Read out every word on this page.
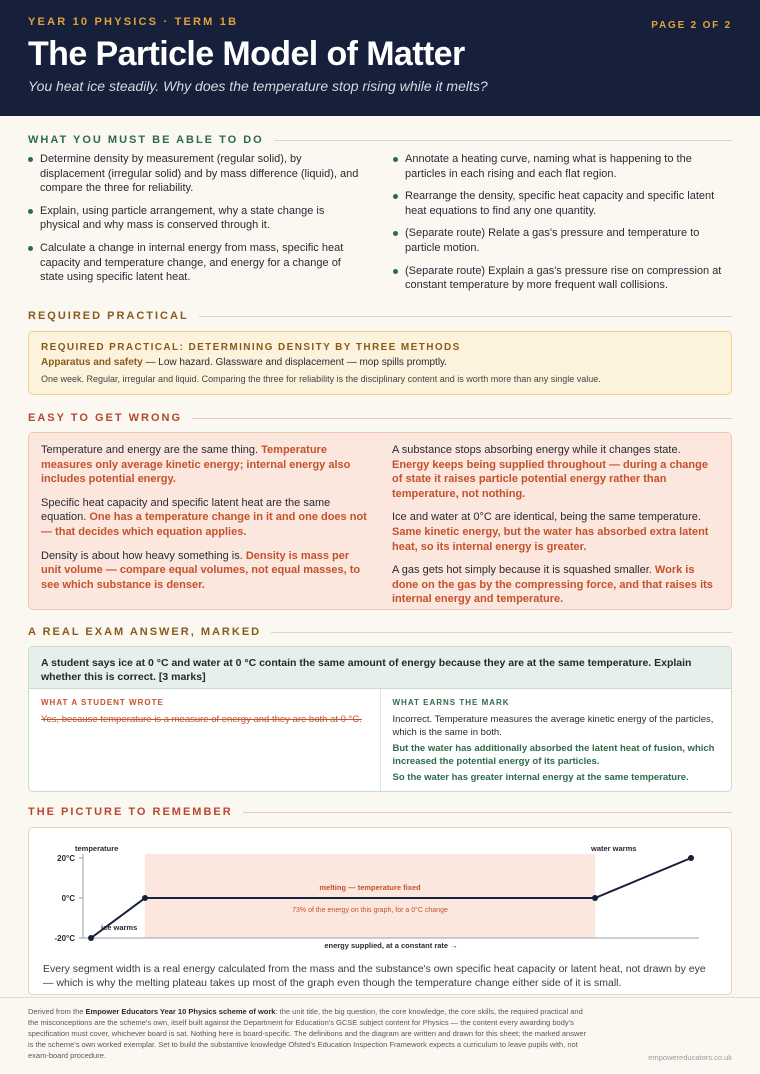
YEAR 10 PHYSICS · TERM 1B	PAGE 2 OF 2
The Particle Model of Matter
You heat ice steadily. Why does the temperature stop rising while it melts?
WHAT YOU MUST BE ABLE TO DO
Determine density by measurement (regular solid), by displacement (irregular solid) and by mass difference (liquid), and compare the three for reliability.
Explain, using particle arrangement, why a state change is physical and why mass is conserved through it.
Calculate a change in internal energy from mass, specific heat capacity and temperature change, and energy for a change of state using specific latent heat.
Annotate a heating curve, naming what is happening to the particles in each rising and each flat region.
Rearrange the density, specific heat capacity and specific latent heat equations to find any one quantity.
(Separate route) Relate a gas's pressure and temperature to particle motion.
(Separate route) Explain a gas's pressure rise on compression at constant temperature by more frequent wall collisions.
REQUIRED PRACTICAL
REQUIRED PRACTICAL: DETERMINING DENSITY BY THREE METHODS
Apparatus and safety — Low hazard. Glassware and displacement — mop spills promptly.
One week. Regular, irregular and liquid. Comparing the three for reliability is the disciplinary content and is worth more than any single value.
EASY TO GET WRONG
Temperature and energy are the same thing. Temperature measures only average kinetic energy; internal energy also includes potential energy.
Specific heat capacity and specific latent heat are the same equation. One has a temperature change in it and one does not — that decides which equation applies.
Density is about how heavy something is. Density is mass per unit volume — compare equal volumes, not equal masses, to see which substance is denser.
A substance stops absorbing energy while it changes state. Energy keeps being supplied throughout — during a change of state it raises particle potential energy rather than temperature, not nothing.
Ice and water at 0°C are identical, being the same temperature. Same kinetic energy, but the water has absorbed extra latent heat, so its internal energy is greater.
A gas gets hot simply because it is squashed smaller. Work is done on the gas by the compressing force, and that raises its internal energy and temperature.
A REAL EXAM ANSWER, MARKED
A student says ice at 0 °C and water at 0 °C contain the same amount of energy because they are at the same temperature. Explain whether this is correct. [3 marks]
WHAT A STUDENT WROTE
Yes, because temperature is a measure of energy and they are both at 0 °C.
WHAT EARNS THE MARK
Incorrect. Temperature measures the average kinetic energy of the particles, which is the same in both.
But the water has additionally absorbed the latent heat of fusion, which increased the potential energy of its particles.
So the water has greater internal energy at the same temperature.
THE PICTURE TO REMEMBER
20°C
0°C
-20°C
temperature
energy supplied, at a constant rate →
ice warms
water warms
melting — temperature fixed
73% of the energy on this graph, for a 0°C change
Every segment width is a real energy calculated from the mass and the substance's own specific heat capacity or latent heat, not drawn by eye — which is why the melting plateau takes up most of the graph even though the temperature change either side of it is small.
Derived from the Empower Educators Year 10 Physics scheme of work: the unit title, the big question, the core knowledge, the core skills, the required practical and the misconceptions are the scheme's own, itself built against the Department for Education's GCSE subject content for Physics — the content every awarding body's specification must cover, whichever board is sat. Nothing here is board-specific. The definitions and the diagram are written and drawn for this sheet; the marked answer is the scheme's own worked exemplar. Set to build the substantive knowledge Ofsted's Education Inspection Framework expects a curriculum to leave pupils with, not exam-board procedure.	empowereducators.co.uk
